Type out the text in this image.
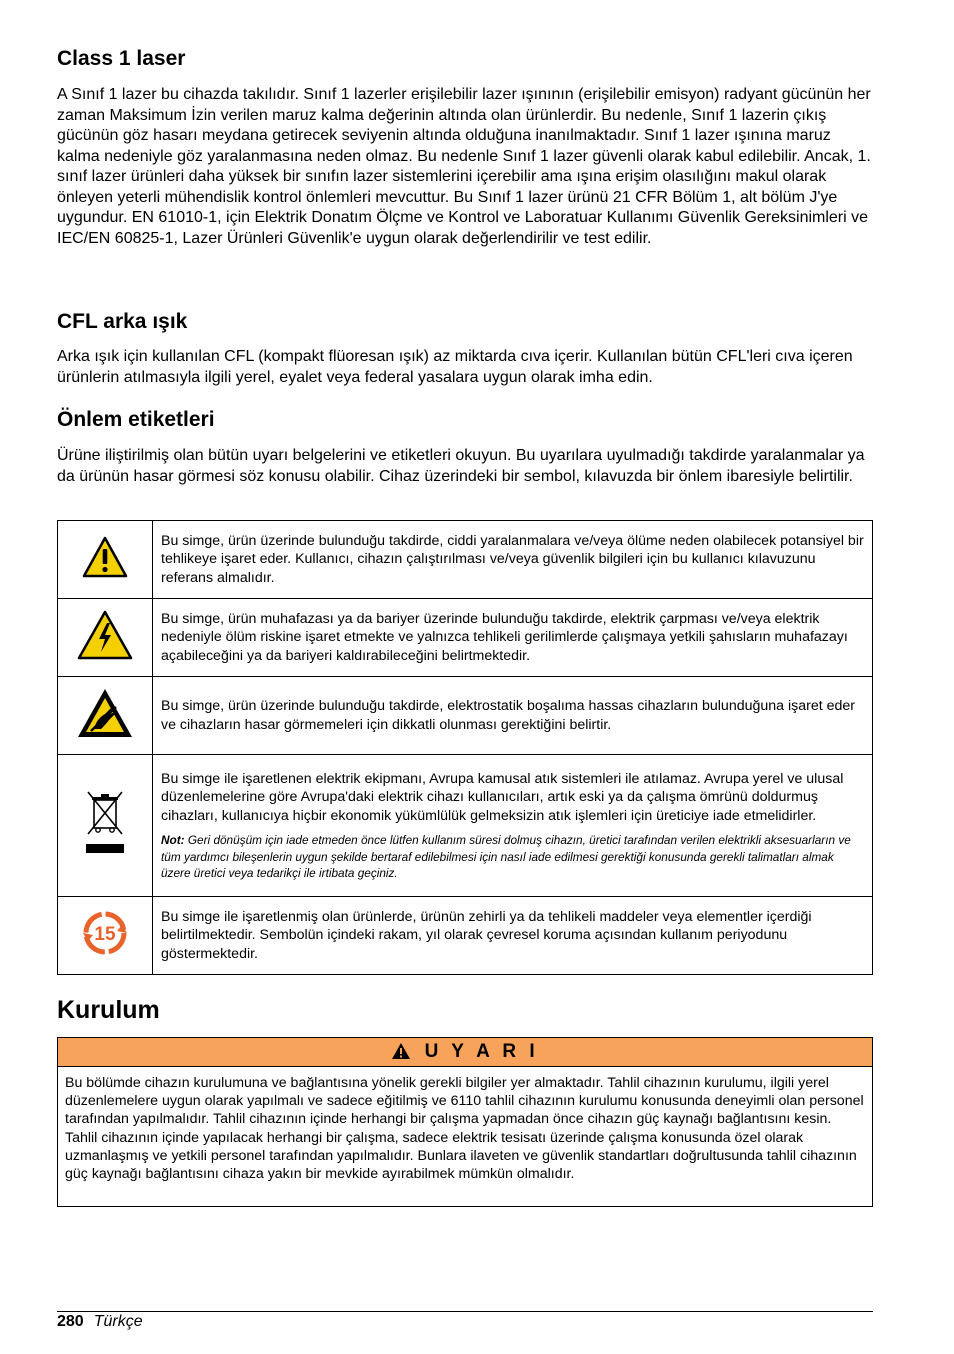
Class 1 laser

A Sınıf 1 lazer bu cihazda takılıdır. Sınıf 1 lazerler erişilebilir lazer ışınının (erişilebilir emisyon) radyant gücünün her zaman Maksimum İzin verilen maruz kalma değerinin altında olan ürünlerdir. Bu nedenle, Sınıf 1 lazerin çıkış gücünün göz hasarı meydana getirecek seviyenin altında olduğuna inanılmaktadır. Sınıf 1 lazer ışınına maruz kalma nedeniyle göz yaralanmasına neden olmaz. Bu nedenle Sınıf 1 lazer güvenli olarak kabul edilebilir. Ancak, 1. sınıf lazer ürünleri daha yüksek bir sınıfın lazer sistemlerini içerebilir ama ışına erişim olasılığını makul olarak önleyen yeterli mühendislik kontrol önlemleri mevcuttur. Bu Sınıf 1 lazer ürünü 21 CFR Bölüm 1, alt bölüm J'ye uygundur. EN 61010-1, için Elektrik Donatım Ölçme ve Kontrol ve Laboratuar Kullanımı Güvenlik Gereksinimleri ve IEC/EN 60825-1, Lazer Ürünleri Güvenlik'e uygun olarak değerlendirilir ve test edilir.

CFL arka ışık

Arka ışık için kullanılan CFL (kompakt flüoresan ışık) az miktarda cıva içerir. Kullanılan bütün CFL'leri cıva içeren ürünlerin atılmasıyla ilgili yerel, eyalet veya federal yasalara uygun olarak imha edin.

Önlem etiketleri

Ürüne iliştirilmiş olan bütün uyarı belgelerini ve etiketleri okuyun. Bu uyarılara uyulmadığı takdirde yaralanmalar ya da ürünün hasar görmesi söz konusu olabilir. Cihaz üzerindeki bir sembol, kılavuzda bir önlem ibaresiyle belirtilir.

	Bu simge, ürün üzerinde bulunduğu takdirde, ciddi yaralanmalara ve/veya ölüme neden olabilecek potansiyel bir tehlikeye işaret eder. Kullanıcı, cihazın çalıştırılması ve/veya güvenlik bilgileri için bu kullanıcı kılavuzunu referans almalıdır.
	Bu simge, ürün muhafazası ya da bariyer üzerinde bulunduğu takdirde, elektrik çarpması ve/veya elektrik nedeniyle ölüm riskine işaret etmekte ve yalnızca tehlikeli gerilimlerde çalışmaya yetkili şahısların muhafazayı açabileceğini ya da bariyeri kaldırabileceğini belirtmektedir.
	Bu simge, ürün üzerinde bulunduğu takdirde, elektrostatik boşalıma hassas cihazların bulunduğuna işaret eder ve cihazların hasar görmemeleri için dikkatli olunması gerektiğini belirtir.

Bu simge ile işaretlenen elektrik ekipmanı, Avrupa kamusal atık sistemleri ile atılamaz. Avrupa yerel ve ulusal düzenlemelerine göre Avrupa'daki elektrik cihazı kullanıcıları, artık eski ya da çalışma ömrünü doldurmuş cihazları, kullanıcıya hiçbir ekonomik yükümlülük gelmeksizin atık işlemleri için üreticiye iade etmelidirler.
Not: Geri dönüşüm için iade etmeden önce lütfen kullanım süresi dolmuş cihazın, üretici tarafından verilen elektrikli aksesuarların ve tüm yardımcı bileşenlerin uygun şekilde bertaraf edilebilmesi için nasıl iade edilmesi gerektiği konusunda gerekli talimatları almak üzere üretici veya tedarikçi ile irtibata geçiniz.

15	Bu simge ile işaretlenmiş olan ürünlerde, ürünün zehirli ya da tehlikeli maddeler veya elementler içerdiği belirtilmektedir. Sembolün içindeki rakam, yıl olarak çevresel koruma açısından kullanım periyodunu göstermektedir.
Kurulum
U Y A R I
Bu bölümde cihazın kurulumuna ve bağlantısına yönelik gerekli bilgiler yer almaktadır. Tahlil cihazının kurulumu, ilgili yerel düzenlemelere uygun olarak yapılmalı ve sadece eğitilmiş ve 6110 tahlil cihazının kurulumu konusunda deneyimli olan personel tarafından yapılmalıdır. Tahlil cihazının içinde herhangi bir çalışma yapmadan önce cihazın güç kaynağı bağlantısını kesin. Tahlil cihazının içinde yapılacak herhangi bir çalışma, sadece elektrik tesisatı üzerinde çalışma konusunda özel olarak uzmanlaşmış ve yetkili personel tarafından yapılmalıdır. Bunlara ilaveten ve güvenlik standartları doğrultusunda tahlil cihazının güç kaynağı bağlantısını cihaza yakın bir mevkide ayırabilmek mümkün olmalıdır.
280 Türkçe
